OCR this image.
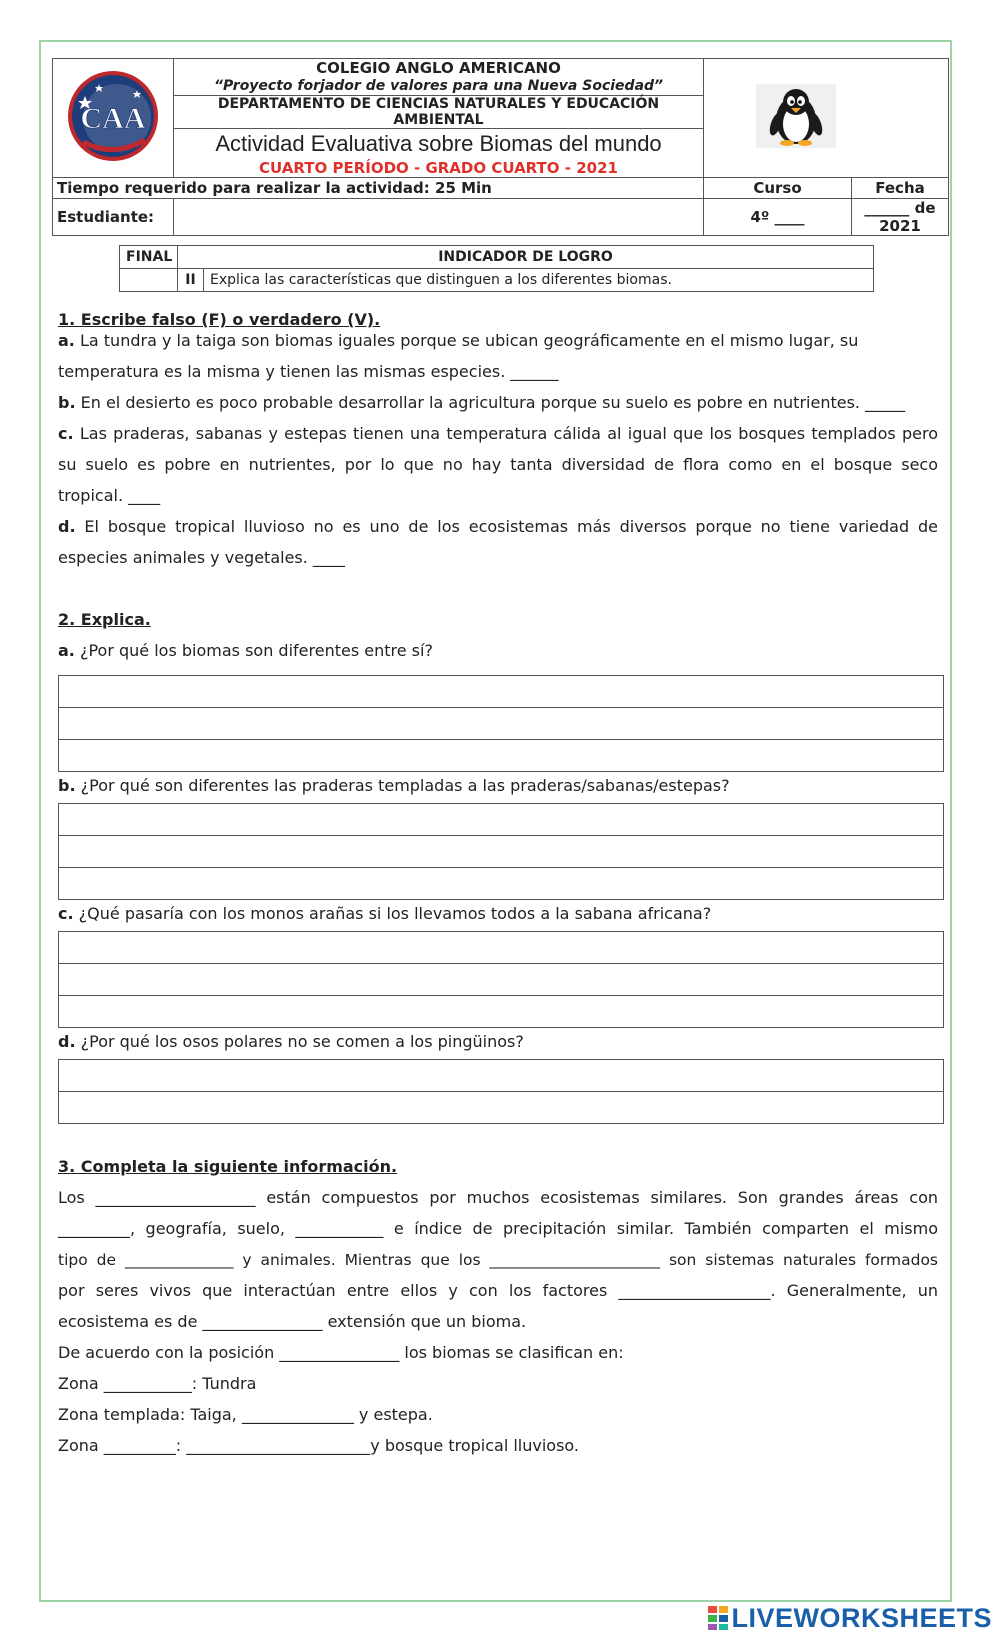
CAA	COLEGIO ANGLO AMERICANO	
	“Proyecto forjador de valores para una Nueva Sociedad”		
	DEPARTAMENTO DE CIENCIAS NATURALES Y EDUCACIÓN AMBIENTAL		
	Actividad Evaluativa sobre Biomas del mundo		
	CUARTO PERÍODO - GRADO CUARTO - 2021		
Tiempo requerido para realizar la actividad: 25 Min		Curso	Fecha
Estudiante:		4º ____	______ de 2021
FINAL	INDICADOR DE LOGRO	
	II	Explica las características que distinguen a los diferentes biomas.
1. Escribe falso (F) o verdadero (V).
a. La tundra y la taiga son biomas iguales porque se ubican geográficamente en el mismo lugar, su
temperatura es la misma y tienen las mismas especies. ______
b. En el desierto es poco probable desarrollar la agricultura porque su suelo es pobre en nutrientes. _____
c. Las praderas, sabanas y estepas tienen una temperatura cálida al igual que los bosques templados pero
su suelo es pobre en nutrientes, por lo que no hay tanta diversidad de flora como en el bosque seco
tropical. ____
d. El bosque tropical lluvioso no es uno de los ecosistemas más diversos porque no tiene variedad de
especies animales y vegetales. ____
2. Explica.
a. ¿Por qué los biomas son diferentes entre sí?
b. ¿Por qué son diferentes las praderas templadas a las praderas/sabanas/estepas?
c. ¿Qué pasaría con los monos arañas si los llevamos todos a la sabana africana?
d. ¿Por qué los osos polares no se comen a los pingüinos?
3. Completa la siguiente información.
Los ____________________ están compuestos por muchos ecosistemas similares. Son grandes áreas con
_________, geografía, suelo, ___________ e índice de precipitación similar. También comparten el mismo
tipo de ______________ y animales. Mientras que los ______________________ son sistemas naturales formados
por seres vivos que interactúan entre ellos y con los factores ___________________. Generalmente, un
ecosistema es de _______________ extensión que un bioma.
De acuerdo con la posición _______________ los biomas se clasifican en:
Zona ___________: Tundra
Zona templada: Taiga, ______________ y estepa.
Zona _________: _______________________y bosque tropical lluvioso.
LIVEWORKSHEETS
